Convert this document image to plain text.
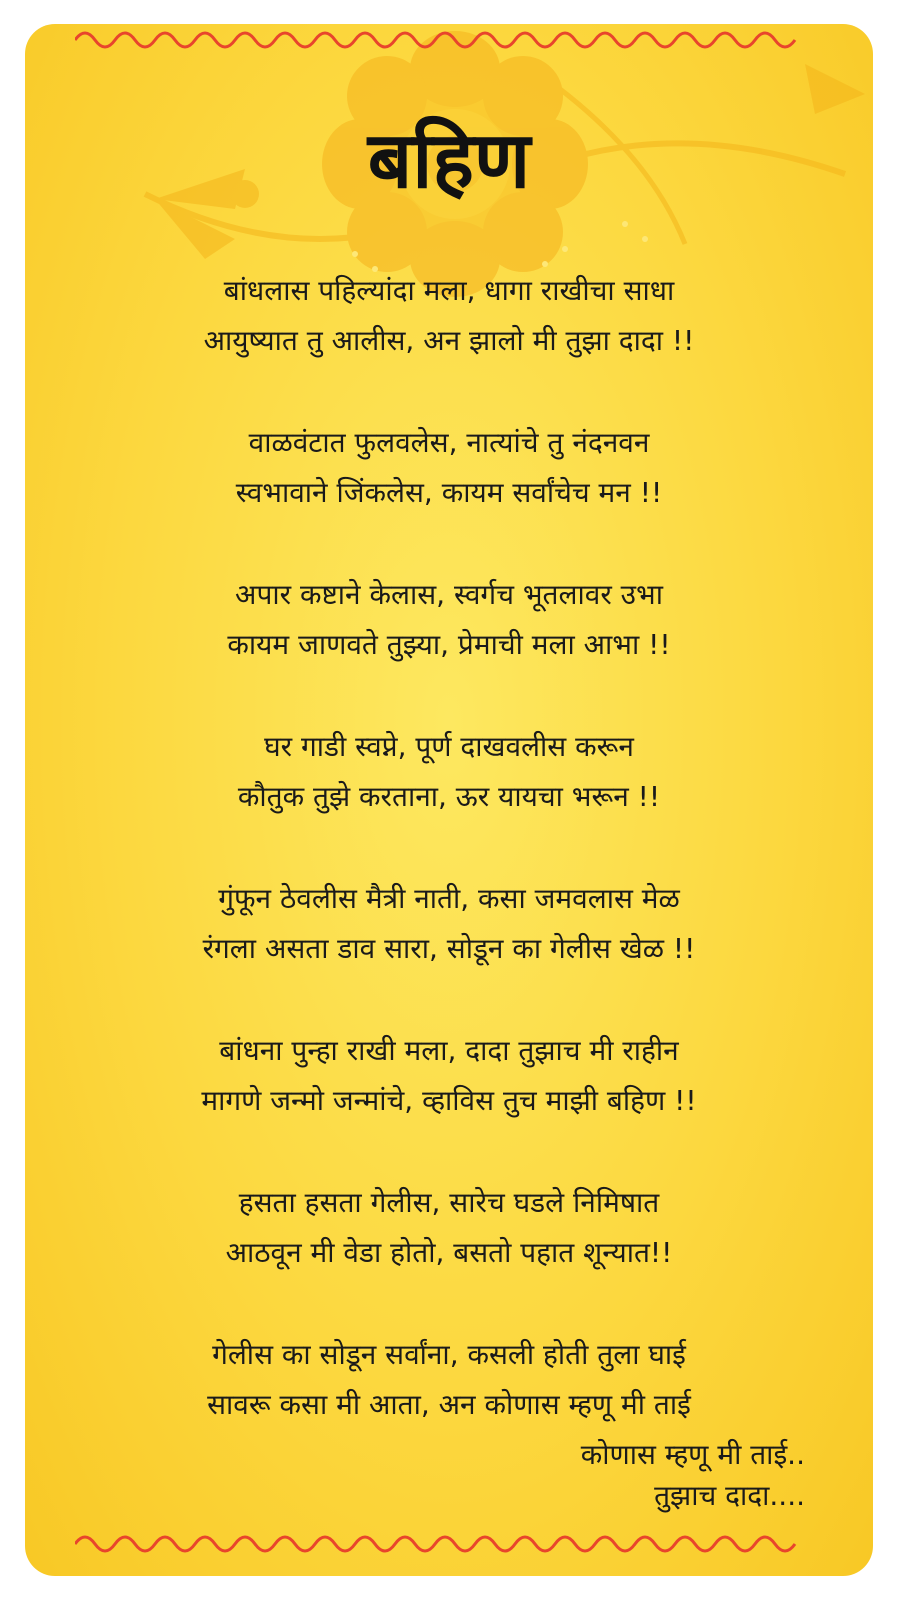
बहिण
बांधलास पहिल्यांदा मला, धागा राखीचा साधा
आयुष्यात तु आलीस, अन झालो मी तुझा दादा !!
वाळवंटात फुलवलेस, नात्यांचे तु नंदनवन
स्वभावाने जिंकलेस, कायम सर्वांचेच मन !!
अपार कष्टाने केलास, स्वर्गच भूतलावर उभा
कायम जाणवते तुझ्या, प्रेमाची मला आभा !!
घर गाडी स्वप्ने, पूर्ण दाखवलीस करून
कौतुक तुझे करताना, ऊर यायचा भरून !!
गुंफून ठेवलीस मैत्री नाती, कसा जमवलास मेळ
रंगला असता डाव सारा, सोडून का गेलीस खेळ !!
बांधना पुन्हा राखी मला, दादा तुझाच मी राहीन
मागणे जन्मो जन्मांचे, व्हाविस तुच माझी बहिण !!
हसता हसता गेलीस, सारेच घडले निमिषात
आठवून मी वेडा होतो, बसतो पहात शून्यात!!
गेलीस का सोडून सर्वांना, कसली होती तुला घाई
सावरू कसा मी आता, अन कोणास म्हणू मी ताई
कोणास म्हणू मी ताई..
तुझाच दादा....
